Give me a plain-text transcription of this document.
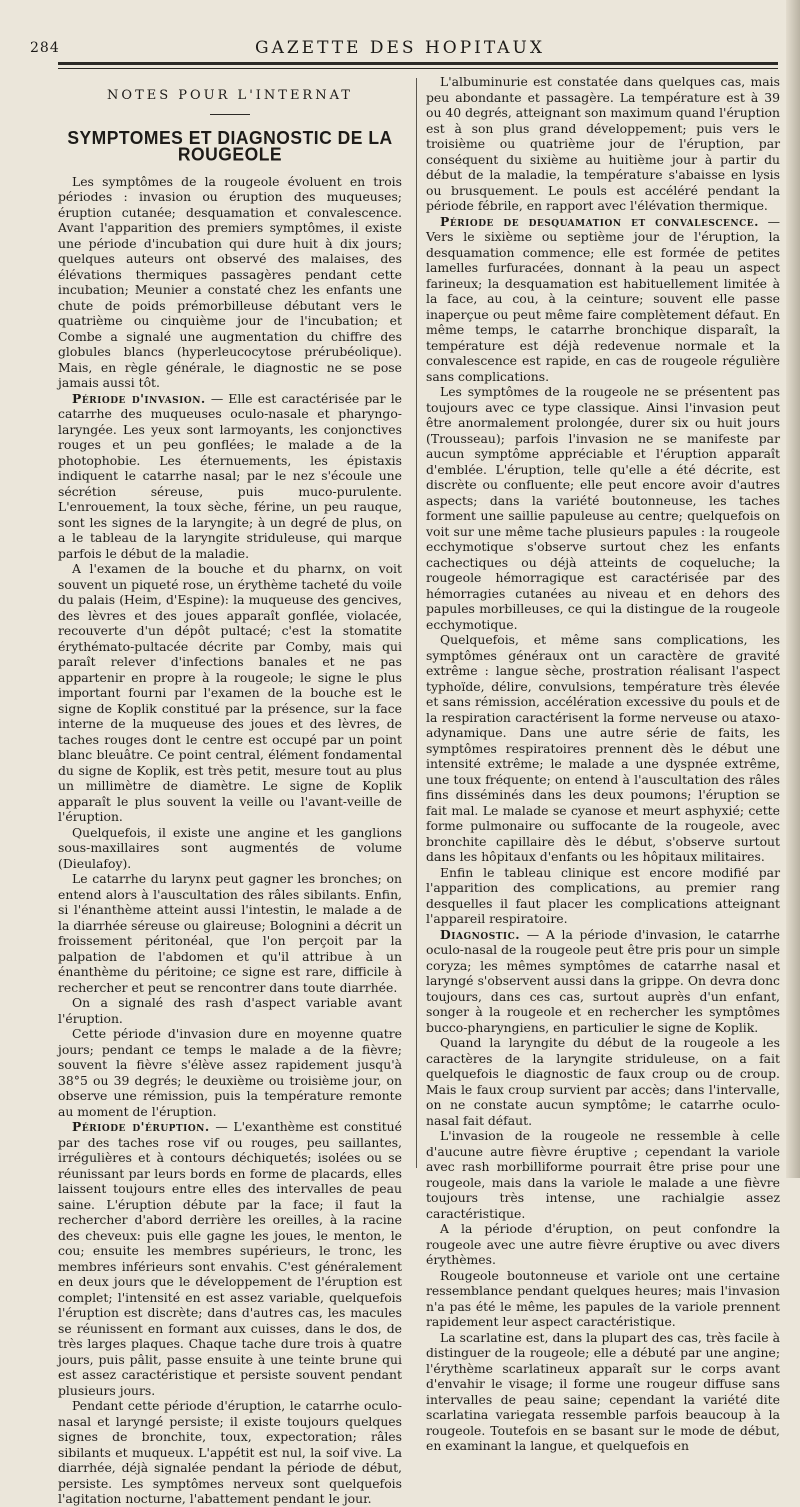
284	GAZETTE DES HOPITAUX
NOTES POUR L'INTERNAT
SYMPTOMES ET DIAGNOSTIC DE LA ROUGEOLE

Les symptômes de la rougeole évoluent en trois périodes : invasion ou éruption des muqueuses; éruption cutanée; desquamation et convalescence. Avant l'apparition des premiers symptômes, il existe une période d'incubation qui dure huit à dix jours; quelques auteurs ont observé des malaises, des élévations thermiques passagères pendant cette incubation; Meunier a constaté chez les enfants une chute de poids prémorbilleuse débutant vers le quatrième ou cinquième jour de l'incubation; et Combe a signalé une augmentation du chiffre des globules blancs (hyperleucocytose prérubéolique). Mais, en règle générale, le diagnostic ne se pose jamais aussi tôt.

Période d'invasion. — Elle est caractérisée par le catarrhe des muqueuses oculo-nasale et pharyngo-laryngée. Les yeux sont larmoyants, les conjonctives rouges et un peu gonflées; le malade a de la photophobie. Les éternuements, les épistaxis indiquent le catarrhe nasal; par le nez s'écoule une sécrétion séreuse, puis muco-purulente. L'enrouement, la toux sèche, férine, un peu rauque, sont les signes de la laryngite; à un degré de plus, on a le tableau de la laryngite striduleuse, qui marque parfois le début de la maladie.

A l'examen de la bouche et du pharnx, on voit souvent un piqueté rose, un érythème tacheté du voile du palais (Heim, d'Espine): la muqueuse des gencives, des lèvres et des joues apparaît gonflée, violacée, recouverte d'un dépôt pultacé; c'est la stomatite érythémato-pultacée décrite par Comby, mais qui paraît relever d'infections banales et ne pas appartenir en propre à la rougeole; le signe le plus important fourni par l'examen de la bouche est le signe de Koplik constitué par la présence, sur la face interne de la muqueuse des joues et des lèvres, de taches rouges dont le centre est occupé par un point blanc bleuâtre. Ce point central, élément fondamental du signe de Koplik, est très petit, mesure tout au plus un millimètre de diamètre. Le signe de Koplik apparaît le plus souvent la veille ou l'avant-veille de l'éruption.

Quelquefois, il existe une angine et les ganglions sous-maxillaires sont augmentés de volume (Dieulafoy).

Le catarrhe du larynx peut gagner les bronches; on entend alors à l'auscultation des râles sibilants. Enfin, si l'énanthème atteint aussi l'intestin, le malade a de la diarrhée séreuse ou glaireuse; Bolognini a décrit un froissement péritonéal, que l'on perçoit par la palpation de l'abdomen et qu'il attribue à un énanthème du péritoine; ce signe est rare, difficile à rechercher et peut se rencontrer dans toute diarrhée.

On a signalé des rash d'aspect variable avant l'éruption.

Cette période d'invasion dure en moyenne quatre jours; pendant ce temps le malade a de la fièvre; souvent la fièvre s'élève assez rapidement jusqu'à 38°5 ou 39 degrés; le deuxième ou troisième jour, on observe une rémission, puis la température remonte au moment de l'éruption.

Période d'éruption. — L'exanthème est constitué par des taches rose vif ou rouges, peu saillantes, irrégulières et à contours déchiquetés; isolées ou se réunissant par leurs bords en forme de placards, elles laissent toujours entre elles des intervalles de peau saine. L'éruption débute par la face; il faut la rechercher d'abord derrière les oreilles, à la racine des cheveux: puis elle gagne les joues, le menton, le cou; ensuite les membres supérieurs, le tronc, les membres inférieurs sont envahis. C'est généralement en deux jours que le développement de l'éruption est complet; l'intensité en est assez variable, quelquefois l'éruption est discrète; dans d'autres cas, les macules se réunissent en formant aux cuisses, dans le dos, de très larges plaques. Chaque tache dure trois à quatre jours, puis pâlit, passe ensuite à une teinte brune qui est assez caractéristique et persiste souvent pendant plusieurs jours.

Pendant cette période d'éruption, le catarrhe oculo-nasal et laryngé persiste; il existe toujours quelques signes de bronchite, toux, expectoration; râles sibilants et muqueux. L'appétit est nul, la soif vive. La diarrhée, déjà signalée pendant la période de début, persiste. Les symptômes nerveux sont quelquefois l'agitation nocturne, l'abattement pendant le jour.

L'albuminurie est constatée dans quelques cas, mais peu abondante et passagère. La température est à 39 ou 40 degrés, atteignant son maximum quand l'éruption est à son plus grand développement; puis vers le troisième ou quatrième jour de l'éruption, par conséquent du sixième au huitième jour à partir du début de la maladie, la température s'abaisse en lysis ou brusquement. Le pouls est accéléré pendant la période fébrile, en rapport avec l'élévation thermique.

Période de desquamation et convalescence. — Vers le sixième ou septième jour de l'éruption, la desquamation commence; elle est formée de petites lamelles furfuracées, donnant à la peau un aspect farineux; la desquamation est habituellement limitée à la face, au cou, à la ceinture; souvent elle passe inaperçue ou peut même faire complètement défaut. En même temps, le catarrhe bronchique disparaît, la température est déjà redevenue normale et la convalescence est rapide, en cas de rougeole régulière sans complications.

Les symptômes de la rougeole ne se présentent pas toujours avec ce type classique. Ainsi l'invasion peut être anormalement prolongée, durer six ou huit jours (Trousseau); parfois l'invasion ne se manifeste par aucun symptôme appréciable et l'éruption apparaît d'emblée. L'éruption, telle qu'elle a été décrite, est discrète ou confluente; elle peut encore avoir d'autres aspects; dans la variété boutonneuse, les taches forment une saillie papuleuse au centre; quelquefois on voit sur une même tache plusieurs papules : la rougeole ecchymotique s'observe surtout chez les enfants cachectiques ou déjà atteints de coqueluche; la rougeole hémorragique est caractérisée par des hémorragies cutanées au niveau et en dehors des papules morbilleuses, ce qui la distingue de la rougeole ecchymotique.

Quelquefois, et même sans complications, les symptômes généraux ont un caractère de gravité extrême : langue sèche, prostration réalisant l'aspect typhoïde, délire, convulsions, température très élevée et sans rémission, accélération excessive du pouls et de la respiration caractérisent la forme nerveuse ou ataxo-adynamique. Dans une autre série de faits, les symptômes respiratoires prennent dès le début une intensité extrême; le malade a une dyspnée extrême, une toux fréquente; on entend à l'auscultation des râles fins disséminés dans les deux poumons; l'éruption se fait mal. Le malade se cyanose et meurt asphyxié; cette forme pulmonaire ou suffocante de la rougeole, avec bronchite capillaire dès le début, s'observe surtout dans les hôpitaux d'enfants ou les hôpitaux militaires.

Enfin le tableau clinique est encore modifié par l'apparition des complications, au premier rang desquelles il faut placer les complications atteignant l'appareil respiratoire.

Diagnostic. — A la période d'invasion, le catarrhe oculo-nasal de la rougeole peut être pris pour un simple coryza; les mêmes symptômes de catarrhe nasal et laryngé s'observent aussi dans la grippe. On devra donc toujours, dans ces cas, surtout auprès d'un enfant, songer à la rougeole et en rechercher les symptômes bucco-pharyngiens, en particulier le signe de Koplik.

Quand la laryngite du début de la rougeole a les caractères de la laryngite striduleuse, on a fait quelquefois le diagnostic de faux croup ou de croup. Mais le faux croup survient par accès; dans l'intervalle, on ne constate aucun symptôme; le catarrhe oculo-nasal fait défaut.

L'invasion de la rougeole ne ressemble à celle d'aucune autre fièvre éruptive ; cependant la variole avec rash morbilliforme pourrait être prise pour une rougeole, mais dans la variole le malade a une fièvre toujours très intense, une rachialgie assez caractéristique.

A la période d'éruption, on peut confondre la rougeole avec une autre fièvre éruptive ou avec divers érythèmes.

Rougeole boutonneuse et variole ont une certaine ressemblance pendant quelques heures; mais l'invasion n'a pas été le même, les papules de la variole prennent rapidement leur aspect caractéristique.

La scarlatine est, dans la plupart des cas, très facile à distinguer de la rougeole; elle a débuté par une angine; l'érythème scarlatineux apparaît sur le corps avant d'envahir le visage; il forme une rougeur diffuse sans intervalles de peau saine; cependant la variété dite scarlatina variegata ressemble parfois beaucoup à la rougeole. Toutefois en se basant sur le mode de début, en examinant la langue, et quelquefois en
